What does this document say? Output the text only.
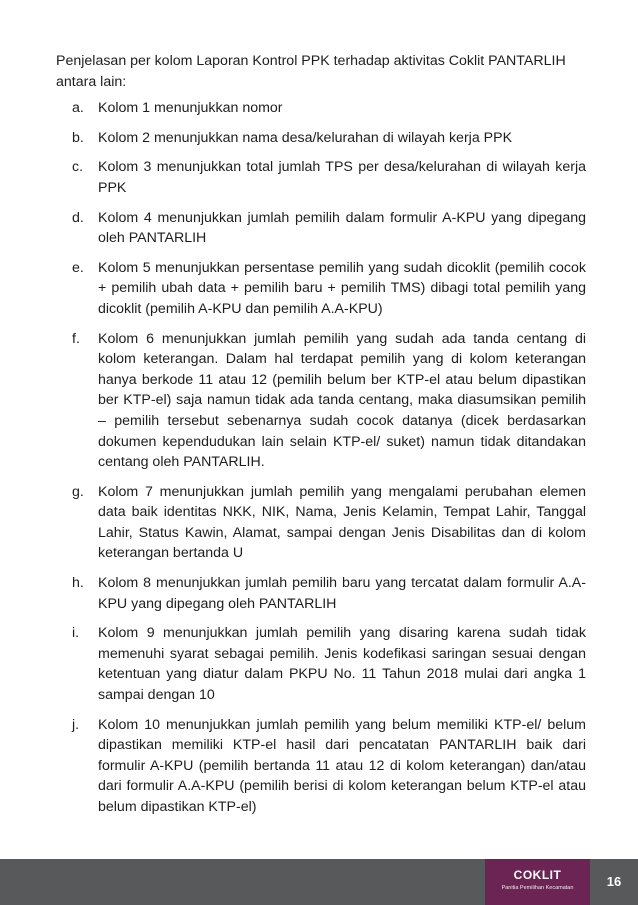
Penjelasan per kolom Laporan Kontrol PPK terhadap aktivitas Coklit PANTARLIH antara lain:

a. Kolom 1 menunjukkan nomor
b. Kolom 2 menunjukkan nama desa/kelurahan di wilayah kerja PPK
c.	Kolom 3 menunjukkan total jumlah TPS per desa/kelurahan di wilayah kerja PPK
d. Kolom 4 menunjukkan jumlah pemilih dalam formulir A-KPU yang dipegang oleh PANTARLIH
e. Kolom 5 menunjukkan persentase pemilih yang sudah dicoklit (pemilih cocok + pemilih ubah data + pemilih baru + pemilih TMS) dibagi total pemilih yang dicoklit (pemilih A-KPU dan pemilih A.A-KPU)
f.	Kolom 6 menunjukkan jumlah pemilih yang sudah ada tanda centang di kolom keterangan. Dalam hal terdapat pemilih yang di kolom keterangan hanya berkode 11 atau 12 (pemilih belum ber KTP-el atau belum dipastikan ber KTP-el) saja namun tidak ada tanda centang, maka diasumsikan pemilih – pemilih tersebut sebenarnya sudah cocok datanya (dicek berdasarkan dokumen kependudukan lain selain KTP-el/ suket) namun tidak ditandakan centang oleh PANTARLIH.
g. Kolom 7 menunjukkan jumlah pemilih yang mengalami perubahan elemen data baik identitas NKK, NIK, Nama, Jenis Kelamin, Tempat Lahir, Tanggal Lahir, Status Kawin, Alamat, sampai dengan Jenis Disabilitas dan di kolom keterangan bertanda U
h. Kolom 8 menunjukkan jumlah pemilih baru yang tercatat dalam formulir A.A-KPU yang dipegang oleh PANTARLIH
i.	Kolom 9 menunjukkan jumlah pemilih yang disaring karena sudah tidak memenuhi syarat sebagai pemilih. Jenis kodefikasi saringan sesuai dengan ketentuan yang diatur dalam PKPU No. 11 Tahun 2018 mulai dari angka 1 sampai dengan 10
j.	Kolom 10 menunjukkan jumlah pemilih yang belum memiliki KTP-el/ belum dipastikan memiliki KTP-el hasil dari pencatatan PANTARLIH baik dari formulir A-KPU (pemilih bertanda 11 atau 12 di kolom keterangan) dan/atau dari formulir A.A-KPU (pemilih berisi di kolom keterangan belum KTP-el atau belum dipastikan KTP-el)
COKLIT
Panitia Pemilihan Kecamatan	16
